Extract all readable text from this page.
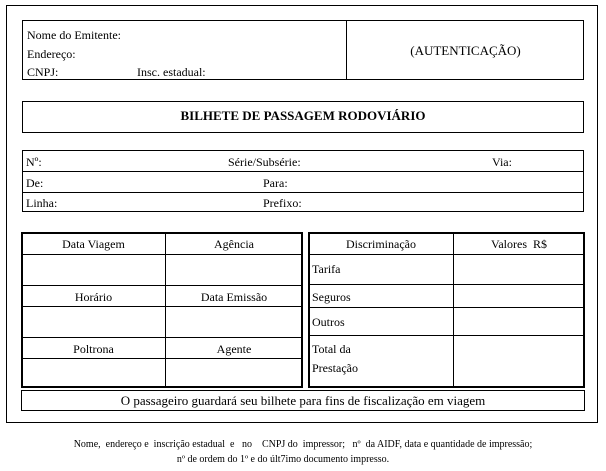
Nome do Emitente:
Endereço:
CNPJ:	Insc. estadual:
(AUTENTICAÇÃO)
BILHETE DE PASSAGEM RODOVIÁRIO
Nº:	Série/Subsérie:	Via:
De:	Para:
Linha:	Prefixo:
Data Viagem	Agência
Horário	Data Emissão
Poltrona	Agente
Discriminação	Valores  R$
Tarifa
Seguros
Outros
Total da
Prestação
O passageiro guardará seu bilhete para fins de fiscalização em viagem
Nome,  endereço e  inscrição estadual  e   no    CNPJ do  impressor;   nº  da AIDF, data e quantidade de impressão;
nº de ordem do 1º e do últ7imo documento impresso.
